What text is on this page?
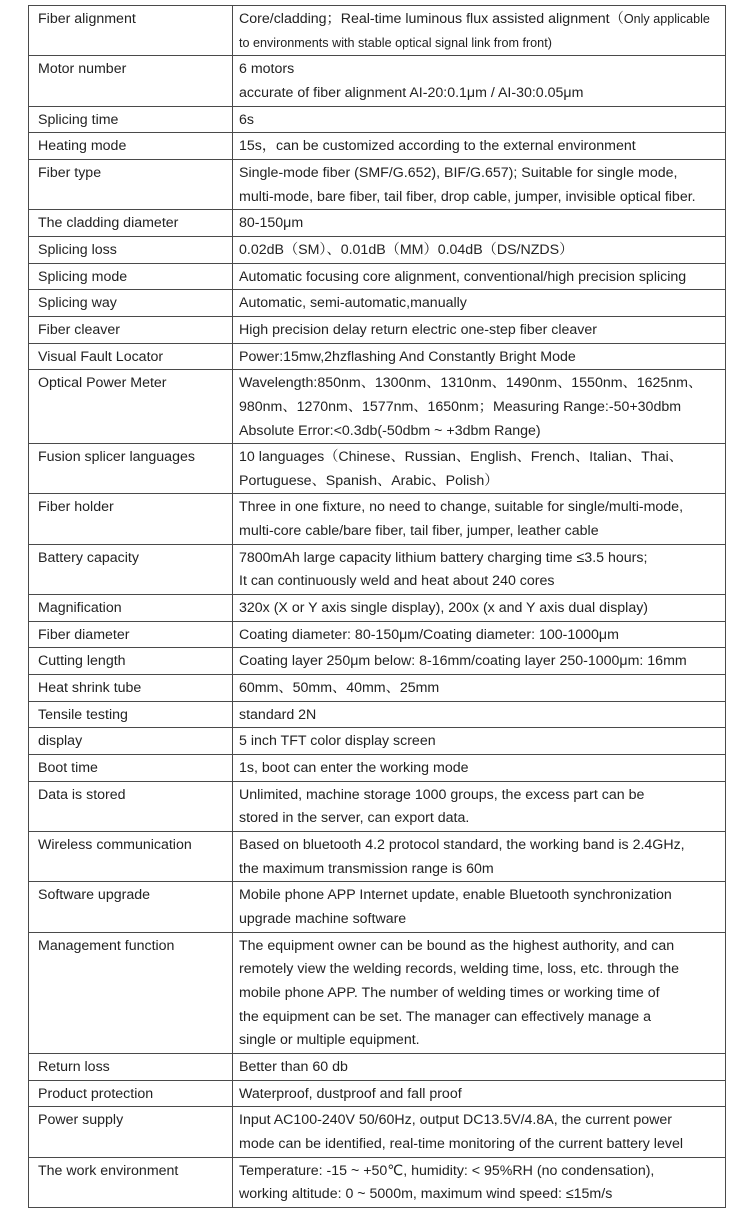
Fiber alignment	Core/cladding；Real-time luminous flux assisted alignment（Only applicable
to environments with stable optical signal link from front)

Motor number	6 motors
accurate of fiber alignment AI-20:0.1μm / AI-30:0.05μm

Splicing time	6s

Heating mode	15s，can be customized according to the external environment

Fiber type	Single-mode fiber (SMF/G.652), BIF/G.657); Suitable for single mode,
multi-mode, bare fiber, tail fiber, drop cable, jumper, invisible optical fiber.

The cladding diameter	80-150μm

Splicing loss	0.02dB（SM）、0.01dB（MM）0.04dB（DS/NZDS）

Splicing mode	Automatic focusing core alignment, conventional/high precision splicing

Splicing way	Automatic, semi-automatic,manually

Fiber cleaver	High precision delay return electric one-step fiber cleaver

Visual Fault Locator	Power:15mw,2hzflashing And Constantly Bright Mode

Optical Power Meter	Wavelength:850nm、1300nm、1310nm、1490nm、1550nm、1625nm、
980nm、1270nm、1577nm、1650nm；Measuring Range:-50+30dbm
Absolute Error:<0.3db(-50dbm ~ +3dbm Range)

Fusion splicer languages	10 languages（Chinese、Russian、English、French、Italian、Thai、
Portuguese、Spanish、Arabic、Polish）

Fiber holder	Three in one fixture, no need to change, suitable for single/multi-mode,
multi-core cable/bare fiber, tail fiber, jumper, leather cable

Battery capacity	7800mAh large capacity lithium battery charging time ≤3.5 hours;
It can continuously weld and heat about 240 cores

Magnification	320x (X or Y axis single display), 200x (x and Y axis dual display)

Fiber diameter	Coating diameter: 80-150μm/Coating diameter: 100-1000μm

Cutting length	Coating layer 250μm below: 8-16mm/coating layer 250-1000μm: 16mm

Heat shrink tube	60mm、50mm、40mm、25mm

Tensile testing	standard 2N

display	5 inch TFT color display screen

Boot time	1s, boot can enter the working mode

Data is stored	Unlimited, machine storage 1000 groups, the excess part can be
stored in the server, can export data.

Wireless communication	Based on bluetooth 4.2 protocol standard, the working band is 2.4GHz,
the maximum transmission range is 60m

Software upgrade	Mobile phone APP Internet update, enable Bluetooth synchronization
upgrade machine software

Management function	The equipment owner can be bound as the highest authority, and can
remotely view the welding records, welding time, loss, etc. through the
mobile phone APP. The number of welding times or working time of
the equipment can be set. The manager can effectively manage a
single or multiple equipment.

Return loss	Better than 60 db

Product protection	Waterproof, dustproof and fall proof

Power supply	Input AC100-240V 50/60Hz, output DC13.5V/4.8A, the current power
mode can be identified, real-time monitoring of the current battery level

The work environment	Temperature: -15 ~ +50℃, humidity: < 95%RH (no condensation),
working altitude: 0 ~ 5000m, maximum wind speed: ≤15m/s
